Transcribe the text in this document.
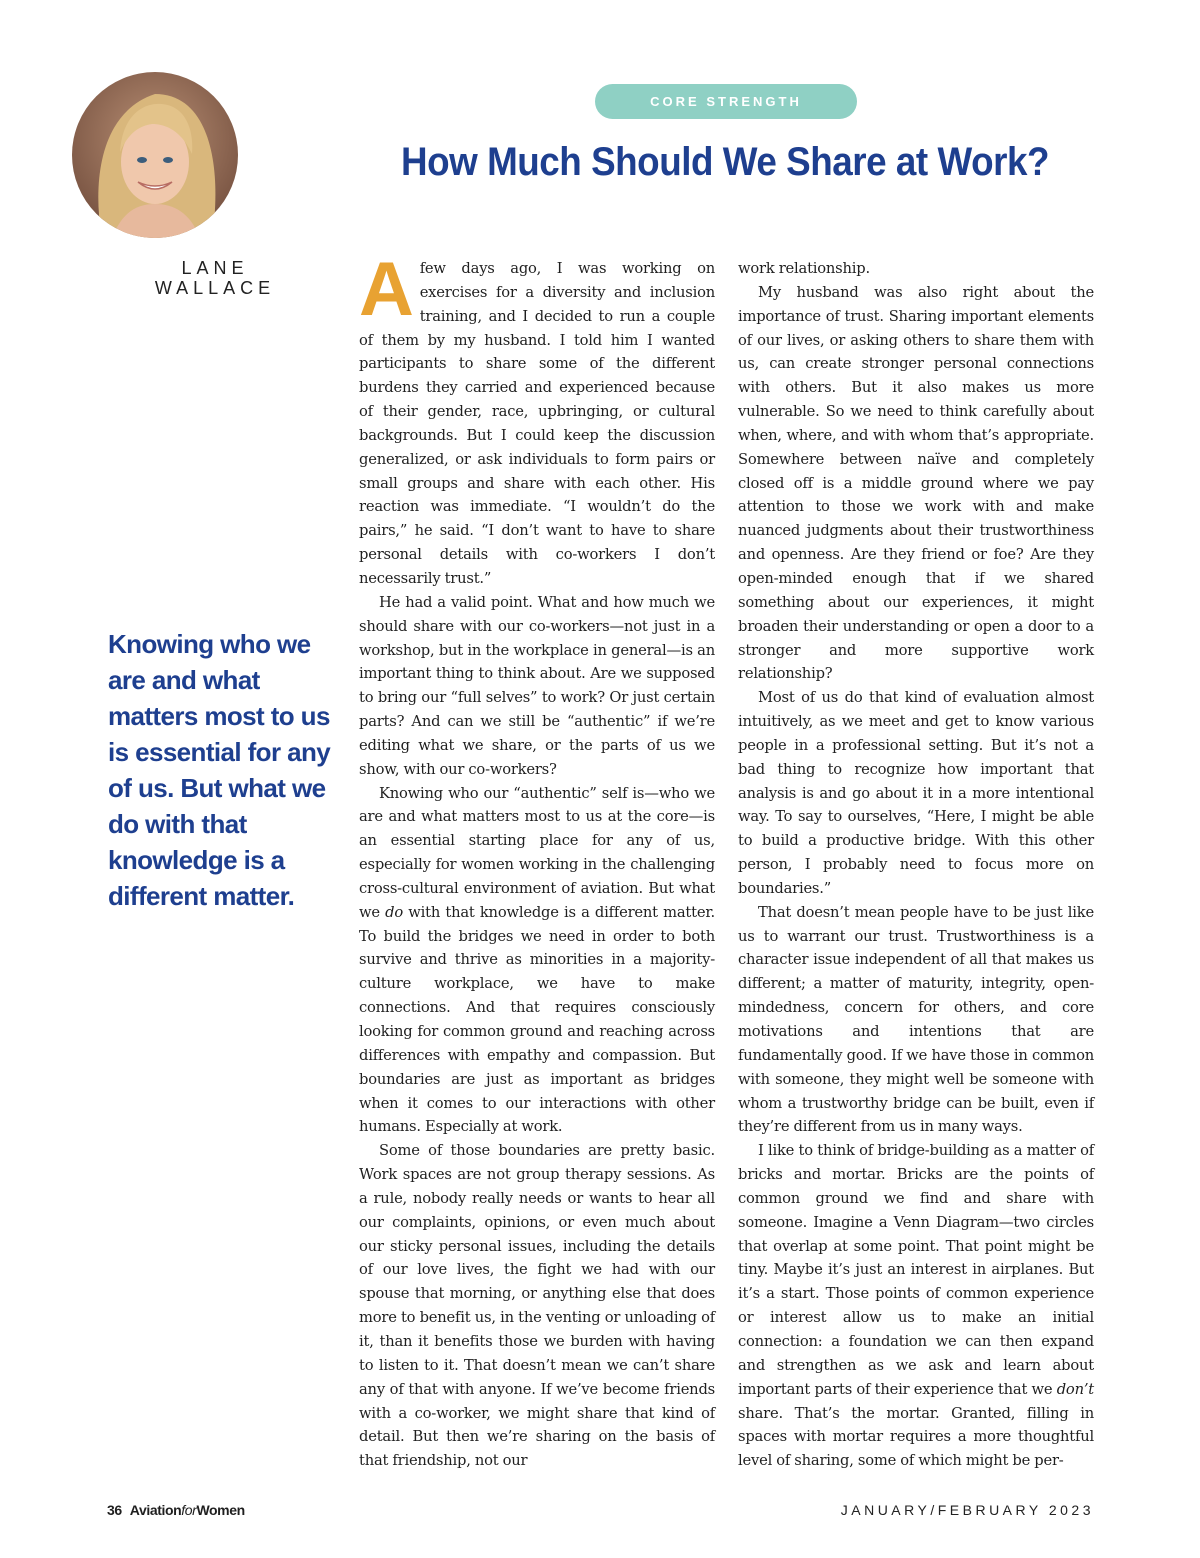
LANE
WALLACE
CORE STRENGTH
How Much Should We Share at Work?

Knowing who we are and what matters most to us is essential for any of us. But what we do with that knowledge is a different matter.

Afew days ago, I was working on exercises for a diversity and inclusion training, and I decided to run a couple of them by my husband. I told him I wanted participants to share some of the different burdens they carried and experienced because of their gender, race, upbringing, or cultural backgrounds. But I could keep the discussion generalized, or ask individuals to form pairs or small groups and share with each other. His reaction was immediate. “I wouldn’t do the pairs,” he said. “I don’t want to have to share personal details with co-workers I don’t necessarily trust.”

He had a valid point. What and how much we should share with our co-workers—not just in a workshop, but in the workplace in general—is an important thing to think about. Are we supposed to bring our “full selves” to work? Or just certain parts? And can we still be “authentic” if we’re editing what we share, or the parts of us we show, with our co-workers?

Knowing who our “authentic” self is—who we are and what matters most to us at the core—is an essential starting place for any of us, especially for women working in the challenging cross-cultural environment of aviation. But what we do with that knowledge is a different matter. To build the bridges we need in order to both survive and thrive as minorities in a majority-culture workplace, we have to make connections. And that requires consciously looking for common ground and reaching across differences with empathy and compassion. But boundaries are just as important as bridges when it comes to our interactions with other humans. Especially at work.

Some of those boundaries are pretty basic. Work spaces are not group therapy sessions. As a rule, nobody really needs or wants to hear all our complaints, opinions, or even much about our sticky personal issues, including the details of our love lives, the fight we had with our spouse that morning, or anything else that does more to benefit us, in the venting or unloading of it, than it benefits those we burden with having to listen to it. That doesn’t mean we can’t share any of that with anyone. If we’ve become friends with a co-worker, we might share that kind of detail. But then we’re sharing on the basis of that friendship, not our

work relationship.

My husband was also right about the importance of trust. Sharing important elements of our lives, or asking others to share them with us, can create stronger personal connections with others. But it also makes us more vulnerable. So we need to think carefully about when, where, and with whom that’s appropriate. Somewhere between naïve and completely closed off is a middle ground where we pay attention to those we work with and make nuanced judgments about their trustworthiness and openness. Are they friend or foe? Are they open-minded enough that if we shared something about our experiences, it might broaden their understanding or open a door to a stronger and more supportive work relationship?

Most of us do that kind of evaluation almost intuitively, as we meet and get to know various people in a professional setting. But it’s not a bad thing to recognize how important that analysis is and go about it in a more intentional way. To say to ourselves, “Here, I might be able to build a productive bridge. With this other person, I probably need to focus more on boundaries.”

That doesn’t mean people have to be just like us to warrant our trust. Trustworthiness is a character issue independent of all that makes us different; a matter of maturity, integrity, open-mindedness, concern for others, and core motivations and intentions that are fundamentally good. If we have those in common with someone, they might well be someone with whom a trustworthy bridge can be built, even if they’re different from us in many ways.

I like to think of bridge-building as a matter of bricks and mortar. Bricks are the points of common ground we find and share with someone. Imagine a Venn Diagram—two circles that overlap at some point. That point might be tiny. Maybe it’s just an interest in airplanes. But it’s a start. Those points of common experience or interest allow us to make an initial connection: a foundation we can then expand and strengthen as we ask and learn about important parts of their experience that we don’t share. That’s the mortar. Granted, filling in spaces with mortar requires a more thoughtful level of sharing, some of which might be per-

36 AviationforWomen	JANUARY/FEBRUARY 2023
